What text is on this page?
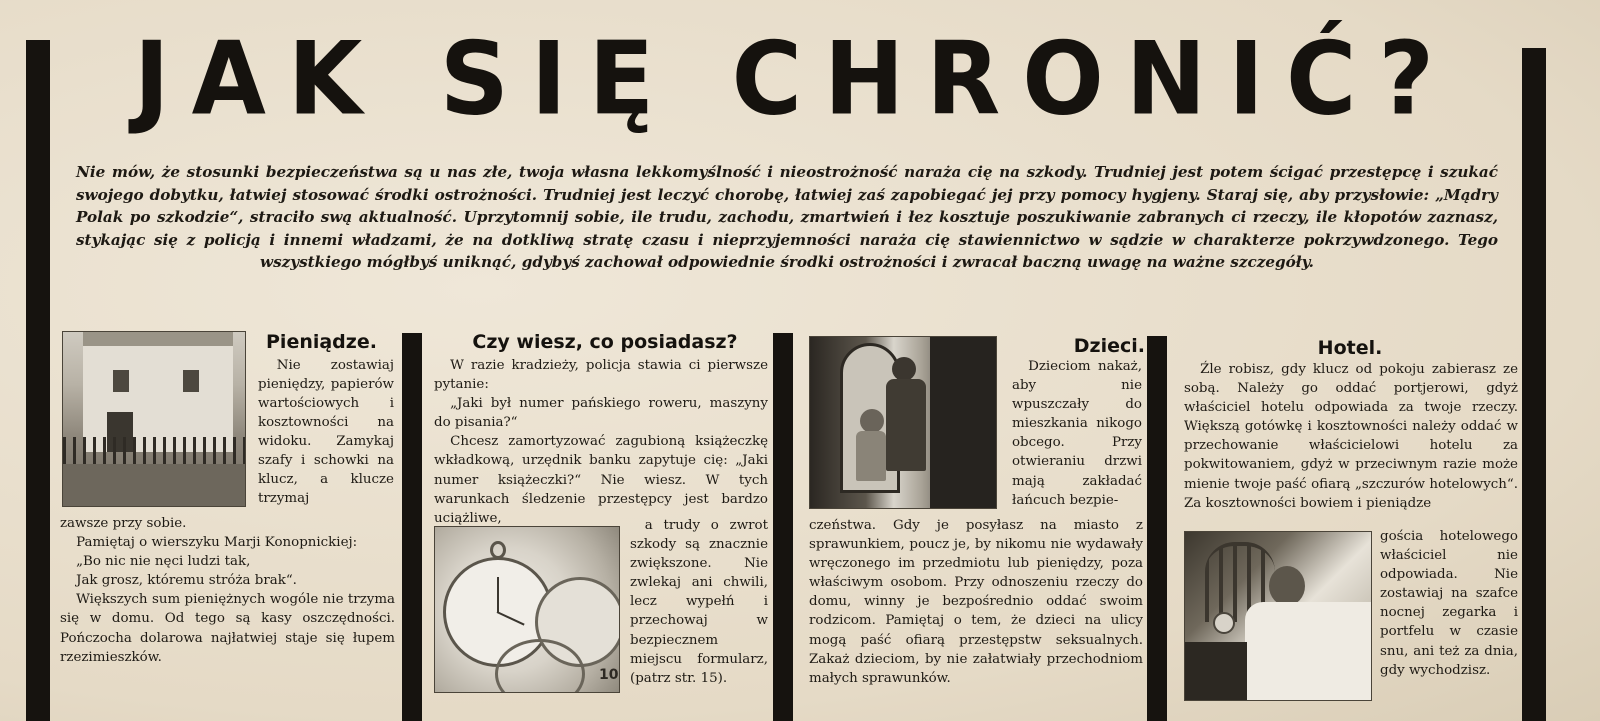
JAK SIĘ CHRONIĆ?

Nie mów, że stosunki bezpieczeństwa są u nas złe, twoja własna lekkomyślność i nieostrożność naraża cię na szkody. Trudniej jest potem ścigać przestępcę i szukać swojego dobytku, łatwiej stosować środki ostrożności. Trudniej jest leczyć chorobę, łatwiej zaś zapobiegać jej przy pomocy hygjeny. Staraj się, aby przysłowie: „Mądry Polak po szkodzie“, straciło swą aktualność. Uprzytomnij sobie, ile trudu, zachodu, zmartwień i łez kosztuje poszukiwanie zabranych ci rzeczy, ile kłopotów zaznasz, stykając się z policją i innemi władzami, że na dotkliwą stratę czasu i nieprzyjemności naraża cię stawiennictwo w sądzie w charakterze pokrzywdzonego. Tego wszystkiego mógłbyś uniknąć, gdybyś zachował odpowiednie środki ostrożności i zwracał baczną uwagę na ważne szczegóły.

Pieniądze.

Nie zostawiaj pieniędzy, papierów wartościowych i kosztowności na widoku. Zamykaj szafy i schowki na klucz, a klucze trzymaj

zawsze przy sobie.

Pamiętaj o wierszyku Marji Konopnickiej:

„Bo nic nie nęci ludzi tak,

Jak grosz, któremu stróża brak“.

Większych sum pieniężnych wogóle nie trzyma się w domu. Od tego są kasy oszczędności. Pończocha dolarowa najłatwiej staje się łupem rzezimieszków.

Czy wiesz, co posiadasz?

W razie kradzieży, policja stawia ci pierwsze pytanie:

„Jaki był numer pańskiego roweru, maszyny do pisania?“

Chcesz zamortyzować zagubioną książeczkę wkładkową, urzędnik banku zapytuje cię: „Jaki numer książeczki?“ Nie wiesz. W tych warunkach śledzenie przestępcy jest bardzo uciążliwe,

10

a trudy o zwrot szkody są znacznie zwiększone. Nie zwlekaj ani chwili, lecz wypełń i przechowaj w bezpiecznem miejscu formularz, (patrz str. 15).

Dzieci.

Dzieciom nakaż, aby nie wpuszczały do mieszkania nikogo obcego. Przy otwieraniu drzwi mają zakładać łańcuch bezpie-

czeństwa. Gdy je posyłasz na miasto z sprawunkiem, poucz je, by nikomu nie wydawały wręczonego im przedmiotu lub pieniędzy, poza właściwym osobom. Przy odnoszeniu rzeczy do domu, winny je bezpośrednio oddać swoim rodzicom. Pamiętaj o tem, że dzieci na ulicy mogą paść ofiarą przestępstw seksualnych. Zakaż dzieciom, by nie załatwiały przechodniom małych sprawunków.

Hotel.

Źle robisz, gdy klucz od pokoju zabierasz ze sobą. Należy go oddać portjerowi, gdyż właściciel hotelu odpowiada za twoje rzeczy. Większą gotówkę i kosztowności należy oddać w przechowanie właścicielowi hotelu za pokwitowaniem, gdyż w przeciwnym razie może mienie twoje paść ofiarą „szczurów hotelowych“. Za kosztowności bowiem i pieniądze

gościa hotelowego właściciel nie odpowiada. Nie zostawiaj na szafce nocnej zegarka i portfelu w czasie snu, ani też za dnia, gdy wychodzisz.
